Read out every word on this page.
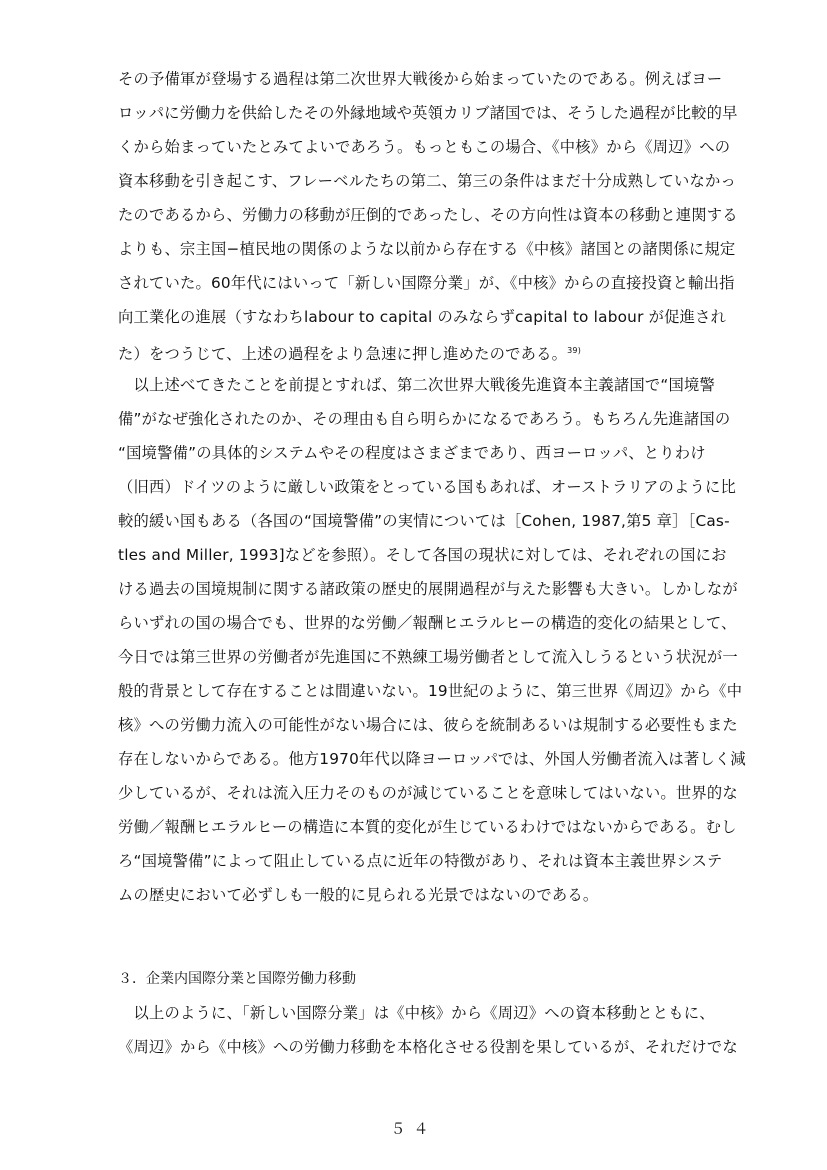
その予備軍が登場する過程は第二次世界大戦後から始まっていたのである。例えばヨー
ロッパに労働力を供給したその外縁地域や英領カリブ諸国では、そうした過程が比較的早
くから始まっていたとみてよいであろう。もっともこの場合、《中核》から《周辺》への
資本移動を引き起こす、フレーベルたちの第二、第三の条件はまだ十分成熟していなかっ
たのであるから、労働力の移動が圧倒的であったし、その方向性は資本の移動と連関する
よりも、宗主国−植民地の関係のような以前から存在する《中核》諸国との諸関係に規定
されていた。60年代にはいって「新しい国際分業」が、《中核》からの直接投資と輸出指
向工業化の進展（すなわちlabour to capital のみならずcapital to labour が促進され
た）をつうじて、上述の過程をより急速に押し進めたのである。$^{39)}$
　以上述べてきたことを前提とすれば、第二次世界大戦後先進資本主義諸国で“国境警
備”がなぜ強化されたのか、その理由も自ら明らかになるであろう。もちろん先進諸国の
“国境警備”の具体的システムやその程度はさまざまであり、西ヨーロッパ、とりわけ
（旧西）ドイツのように厳しい政策をとっている国もあれば、オーストラリアのように比
較的緩い国もある（各国の“国境警備”の実情については［Cohen, 1987,第5 章］［Cas-
tles and Miller, 1993]などを参照）。そして各国の現状に対しては、それぞれの国にお
ける過去の国境規制に関する諸政策の歴史的展開過程が与えた影響も大きい。しかしなが
らいずれの国の場合でも、世界的な労働／報酬ヒエラルヒーの構造的変化の結果として、
今日では第三世界の労働者が先進国に不熟練工場労働者として流入しうるという状況が一
般的背景として存在することは間違いない。19世紀のように、第三世界《周辺》から《中
核》への労働力流入の可能性がない場合には、彼らを統制あるいは規制する必要性もまた
存在しないからである。他方1970年代以降ヨーロッパでは、外国人労働者流入は著しく減
少しているが、それは流入圧力そのものが減じていることを意味してはいない。世界的な
労働／報酬ヒエラルヒーの構造に本質的変化が生じているわけではないからである。むし
ろ“国境警備”によって阻止している点に近年の特徴があり、それは資本主義世界システ
ムの歴史において必ずしも一般的に見られる光景ではないのである。
３．企業内国際分業と国際労働力移動
　以上のように、「新しい国際分業」は《中核》から《周辺》への資本移動とともに、
《周辺》から《中核》への労働力移動を本格化させる役割を果しているが、それだけでな
５４
